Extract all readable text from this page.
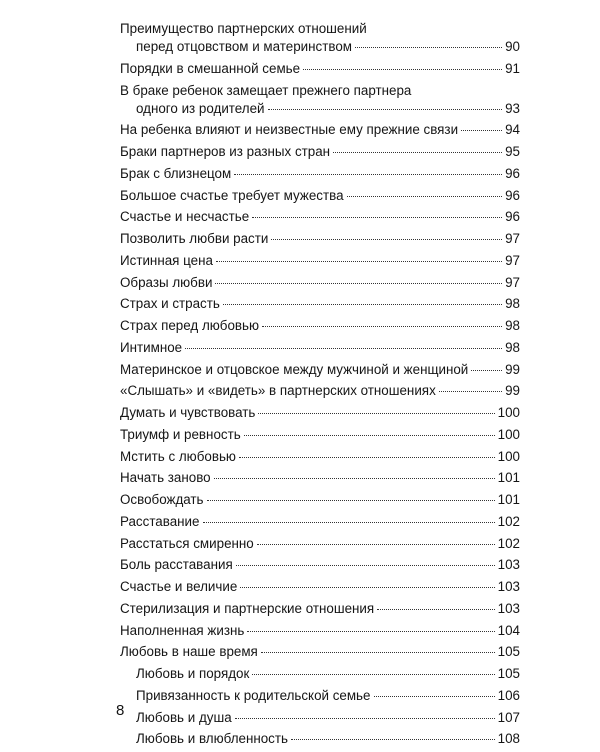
Преимущество партнерских отношений
перед отцовством и материнством	90
Порядки в смешанной семье	91
В браке ребенок замещает прежнего партнера
одного из родителей	93
На ребенка влияют и неизвестные ему прежние связи	94
Браки партнеров из разных стран	95
Брак с близнецом	96
Большое счастье требует мужества	96
Счастье и несчастье	96
Позволить любви расти	97
Истинная цена	97
Образы любви	97
Страх и страсть	98
Страх перед любовью	98
Интимное	98
Материнское и отцовское между мужчиной и женщиной	99
«Слышать» и «видеть» в партнерских отношениях	99
Думать и чувствовать	100
Триумф и ревность	100
Мстить с любовью	100
Начать заново	101
Освобождать	101
Расставание	102
Расстаться смиренно	102
Боль расставания	103
Счастье и величие	103
Стерилизация и партнерские отношения	103
Наполненная жизнь	104
Любовь в наше время	105
Любовь и порядок	105
Привязанность к родительской семье	106
Любовь и душа	107
Любовь и влюбленность	108
8
